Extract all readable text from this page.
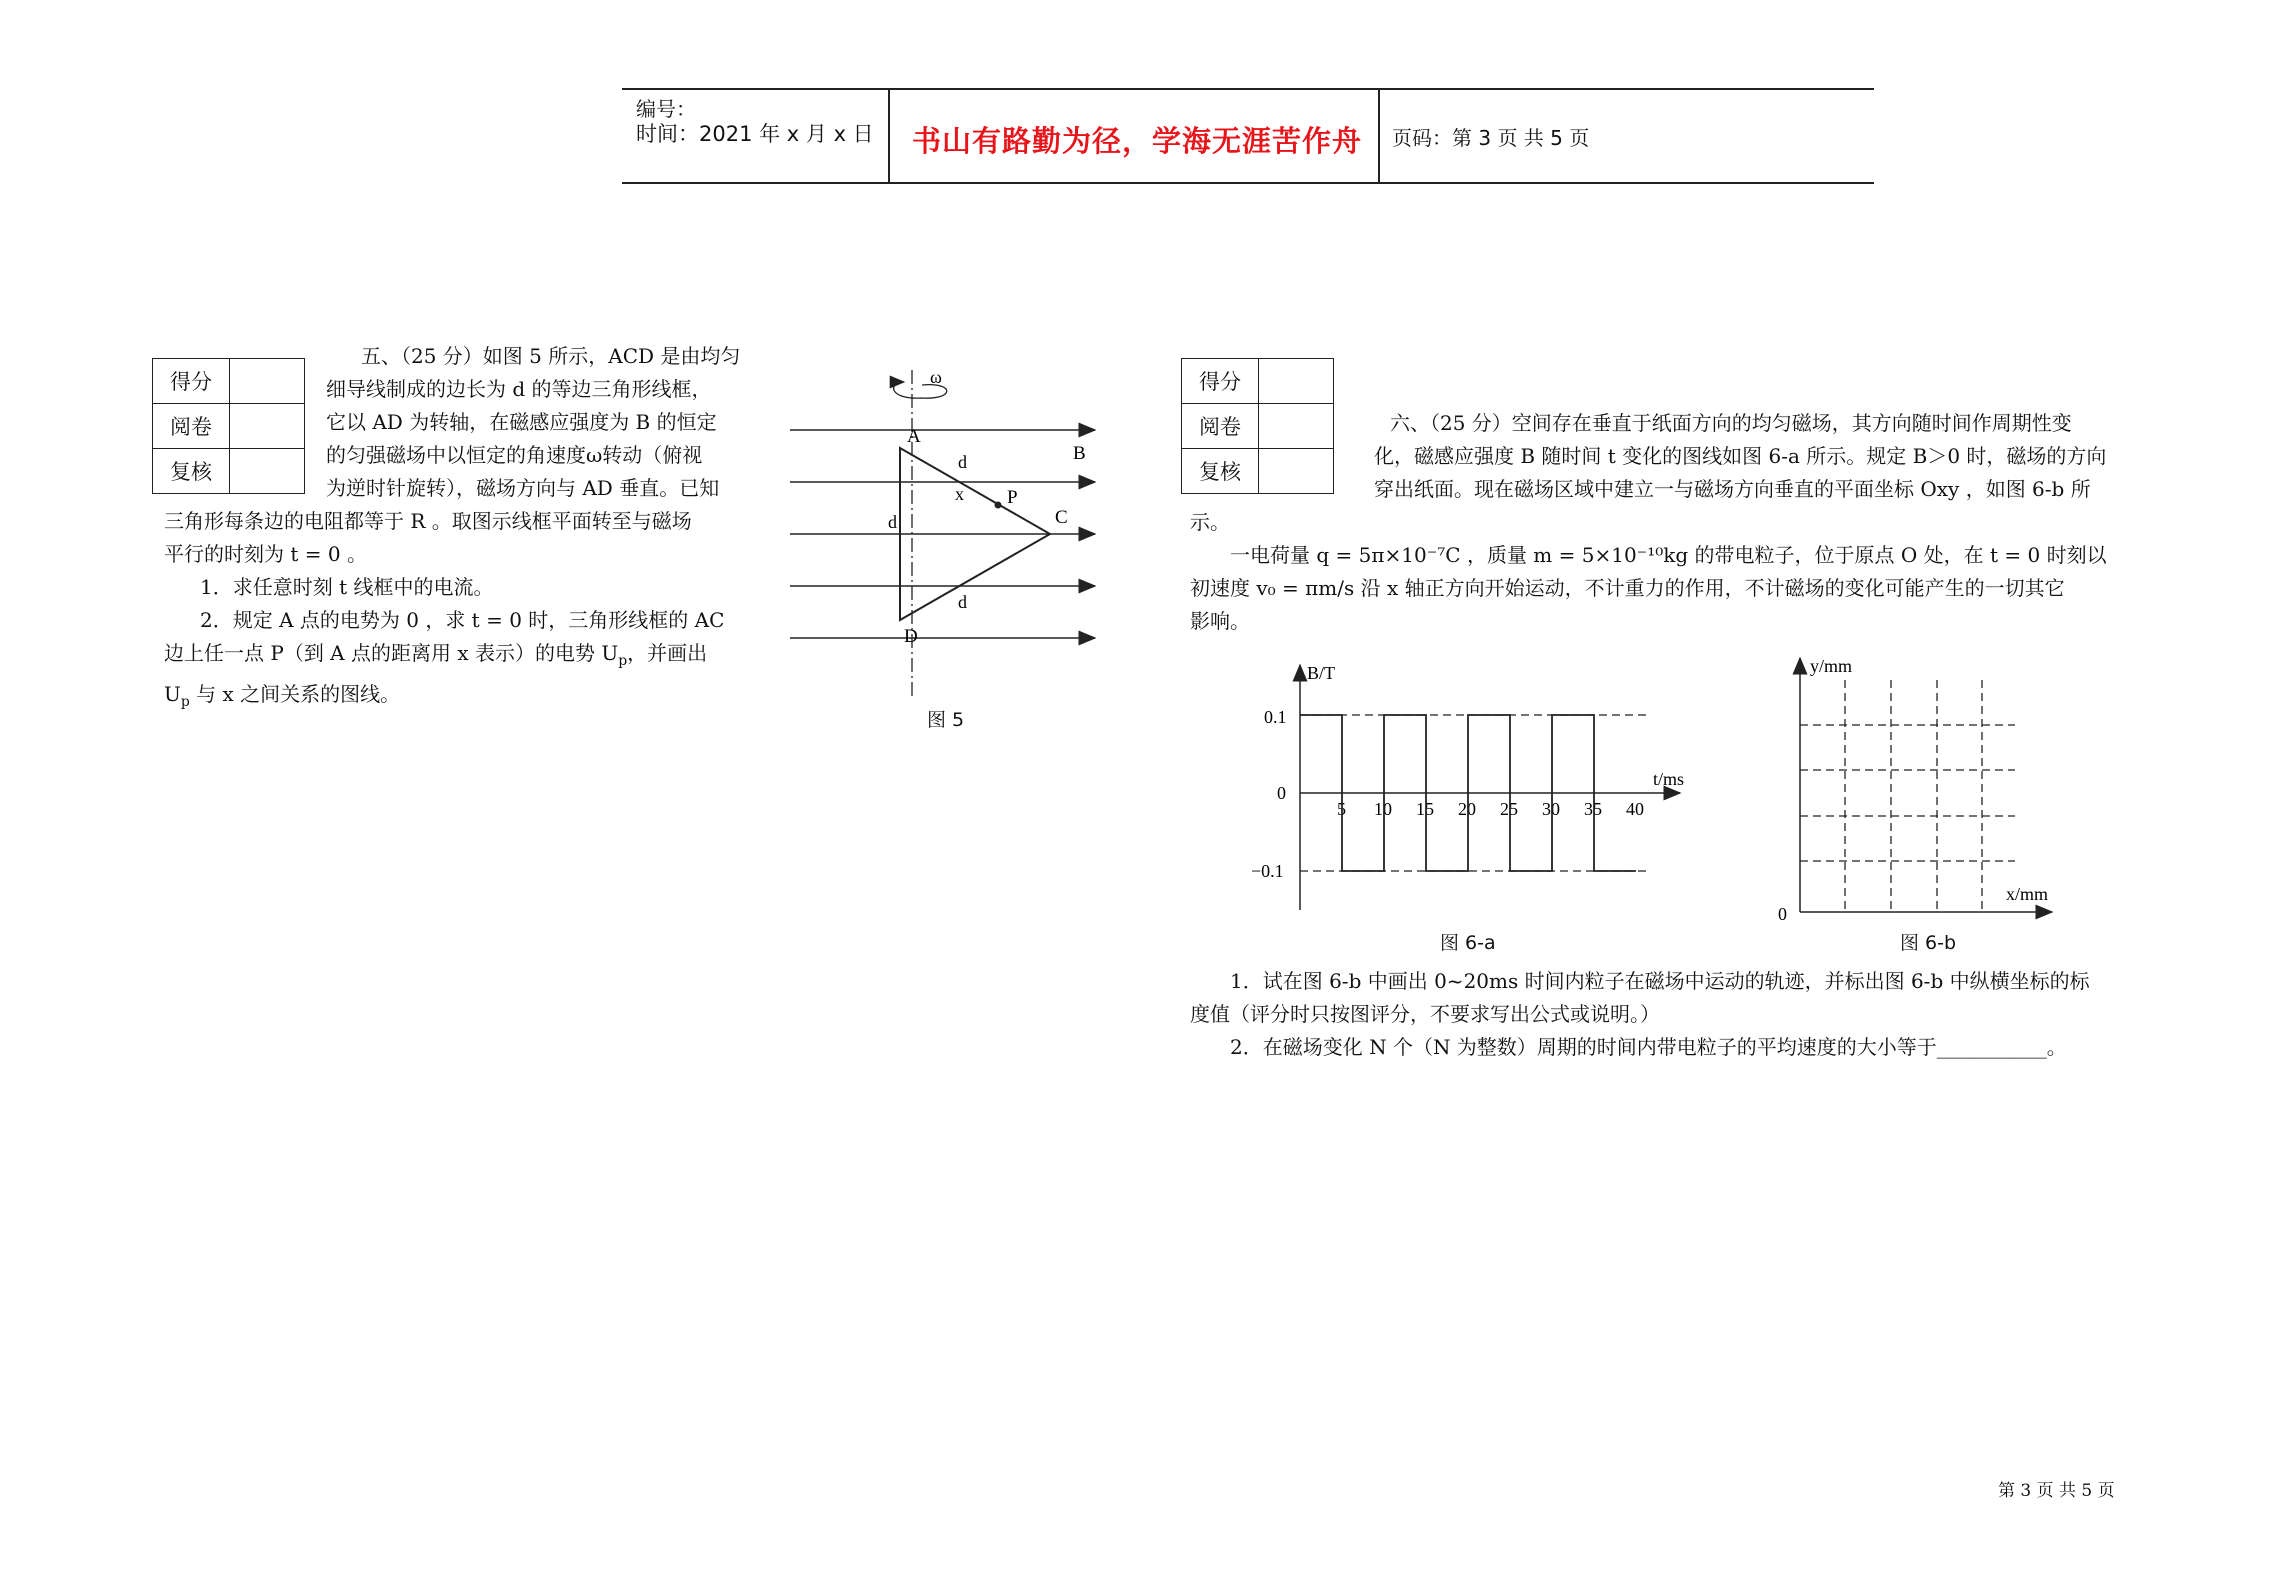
编号：
时间：2021 年 x 月 x 日 书山有路勤为径，学海无涯苦作舟 页码：第 3 页 共 5 页
得分	
阅卷	
复核	

五、（25 分）如图 5 所示，ACD 是由均匀

细导线制成的边长为 d 的等边三角形线框，

它以 AD 为转轴，在磁感应强度为 B 的恒定

的匀强磁场中以恒定的角速度ω转动（俯视

为逆时针旋转），磁场方向与 AD 垂直。已知

三角形每条边的电阻都等于 R 。取图示线框平面转至与磁场

平行的时刻为 t = 0 。

1．求任意时刻 t 线框中的电流。

2．规定 A 点的电势为 0 ，求 t = 0 时，三角形线框的 AC

边上任一点 P（到 A 点的距离用 x 表示）的电势 $U_p$，并画出

$U_p$ 与 x 之间关系的图线。

ω
B
A
C
D
P
x
d
d
d
图 5
得分	
阅卷	
复核	

六、（25 分）空间存在垂直于纸面方向的均匀磁场，其方向随时间作周期性变

化，磁感应强度 B 随时间 t 变化的图线如图 6-a 所示。规定 B＞0 时，磁场的方向

穿出纸面。现在磁场区域中建立一与磁场方向垂直的平面坐标 Oxy ，如图 6-b 所

示。

一电荷量 q = 5π×10⁻⁷C ，质量 m = 5×10⁻¹⁰kg 的带电粒子，位于原点 O 处，在 t = 0 时刻以

初速度 v₀ = πm/s 沿 x 轴正方向开始运动，不计重力的作用，不计磁场的变化可能产生的一切其它

影响。

B/T
t/ms
0.1
0
−0.1
5 10 15 20 25 30 35 40
图 6-a
y/mm
x/mm
0
图 6-b

1．试在图 6-b 中画出 0~20ms 时间内粒子在磁场中运动的轨迹，并标出图 6-b 中纵横坐标的标

度值（评分时只按图评分，不要求写出公式或说明。）

2．在磁场变化 N 个（N 为整数）周期的时间内带电粒子的平均速度的大小等于___________。

第 3 页 共 5 页
